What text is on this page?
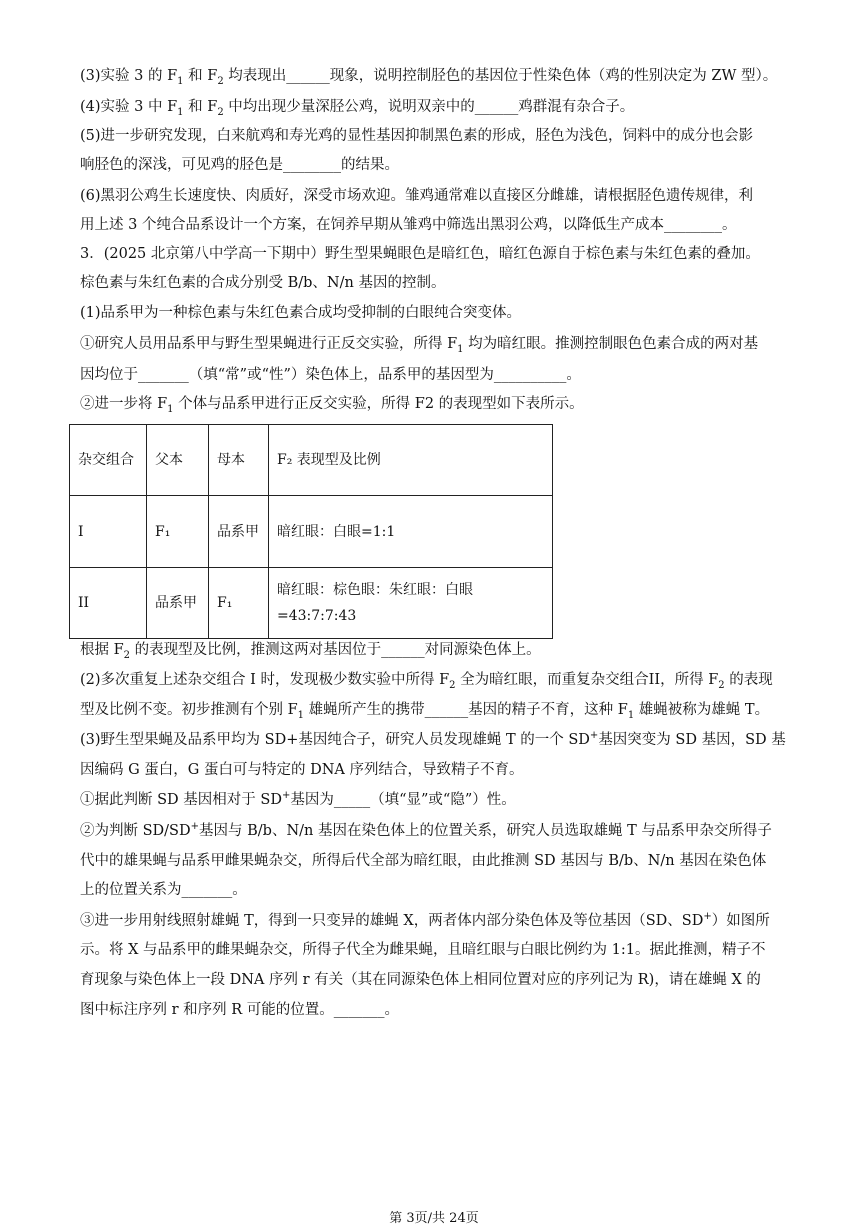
(3)实验 3 的 $F_1$ 和 $F_2$ 均表现出______现象，说明控制胫色的基因位于性染色体（鸡的性别决定为 ZW 型）。
(4)实验 3 中 $F_1$ 和 $F_2$ 中均出现少量深胫公鸡，说明双亲中的______鸡群混有杂合子。
(5)进一步研究发现，白来航鸡和寿光鸡的显性基因抑制黑色素的形成，胫色为浅色，饲料中的成分也会影
响胫色的深浅，可见鸡的胫色是________的结果。
(6)黑羽公鸡生长速度快、肉质好，深受市场欢迎。雏鸡通常难以直接区分雌雄，请根据胫色遗传规律，利
用上述 3 个纯合品系设计一个方案，在饲养早期从雏鸡中筛选出黑羽公鸡，以降低生产成本________。
3．(2025 北京第八中学高一下期中）野生型果蝇眼色是暗红色，暗红色源自于棕色素与朱红色素的叠加。
棕色素与朱红色素的合成分别受 B/b、N/n 基因的控制。
(1)品系甲为一种棕色素与朱红色素合成均受抑制的白眼纯合突变体。
①研究人员用品系甲与野生型果蝇进行正反交实验，所得 $F_1$ 均为暗红眼。推测控制眼色色素合成的两对基
因均位于_______（填“常”或“性”）染色体上，品系甲的基因型为__________。
②进一步将 $F_1$ 个体与品系甲进行正反交实验，所得 F2 的表现型如下表所示。
根据 $F_2$ 的表现型及比例，推测这两对基因位于______对同源染色体上。
(2)多次重复上述杂交组合 I 时，发现极少数实验中所得 $F_2$ 全为暗红眼，而重复杂交组合II，所得 $F_2$ 的表现
型及比例不变。初步推测有个别 $F_1$ 雄蝇所产生的携带______基因的精子不育，这种 $F_1$ 雄蝇被称为雄蝇 T。
(3)野生型果蝇及品系甲均为 SD+基因纯合子，研究人员发现雄蝇 T 的一个 SD+基因突变为 SD 基因，SD 基
因编码 G 蛋白，G 蛋白可与特定的 DNA 序列结合，导致精子不育。
①据此判断 SD 基因相对于 SD+基因为_____（填“显”或“隐”）性。
②为判断 SD/SD+基因与 B/b、N/n 基因在染色体上的位置关系，研究人员选取雄蝇 T 与品系甲杂交所得子
代中的雄果蝇与品系甲雌果蝇杂交，所得后代全部为暗红眼，由此推测 SD 基因与 B/b、N/n 基因在染色体
上的位置关系为_______。
③进一步用射线照射雄蝇 T，得到一只变异的雄蝇 X，两者体内部分染色体及等位基因（SD、SD+）如图所
示。将 X 与品系甲的雌果蝇杂交，所得子代全为雌果蝇，且暗红眼与白眼比例约为 1:1。据此推测，精子不
育现象与染色体上一段 DNA 序列 r 有关（其在同源染色体上相同位置对应的序列记为 R)，请在雄蝇 X 的
图中标注序列 r 和序列 R 可能的位置。_______。
杂交组合	父本	母本	F₂ 表现型及比例
I	F₁	品系甲	暗红眼：白眼=1:1
II	品系甲	F₁	暗红眼：棕色眼：朱红眼：白眼=43:7:7:43
第 3页/共 24页
